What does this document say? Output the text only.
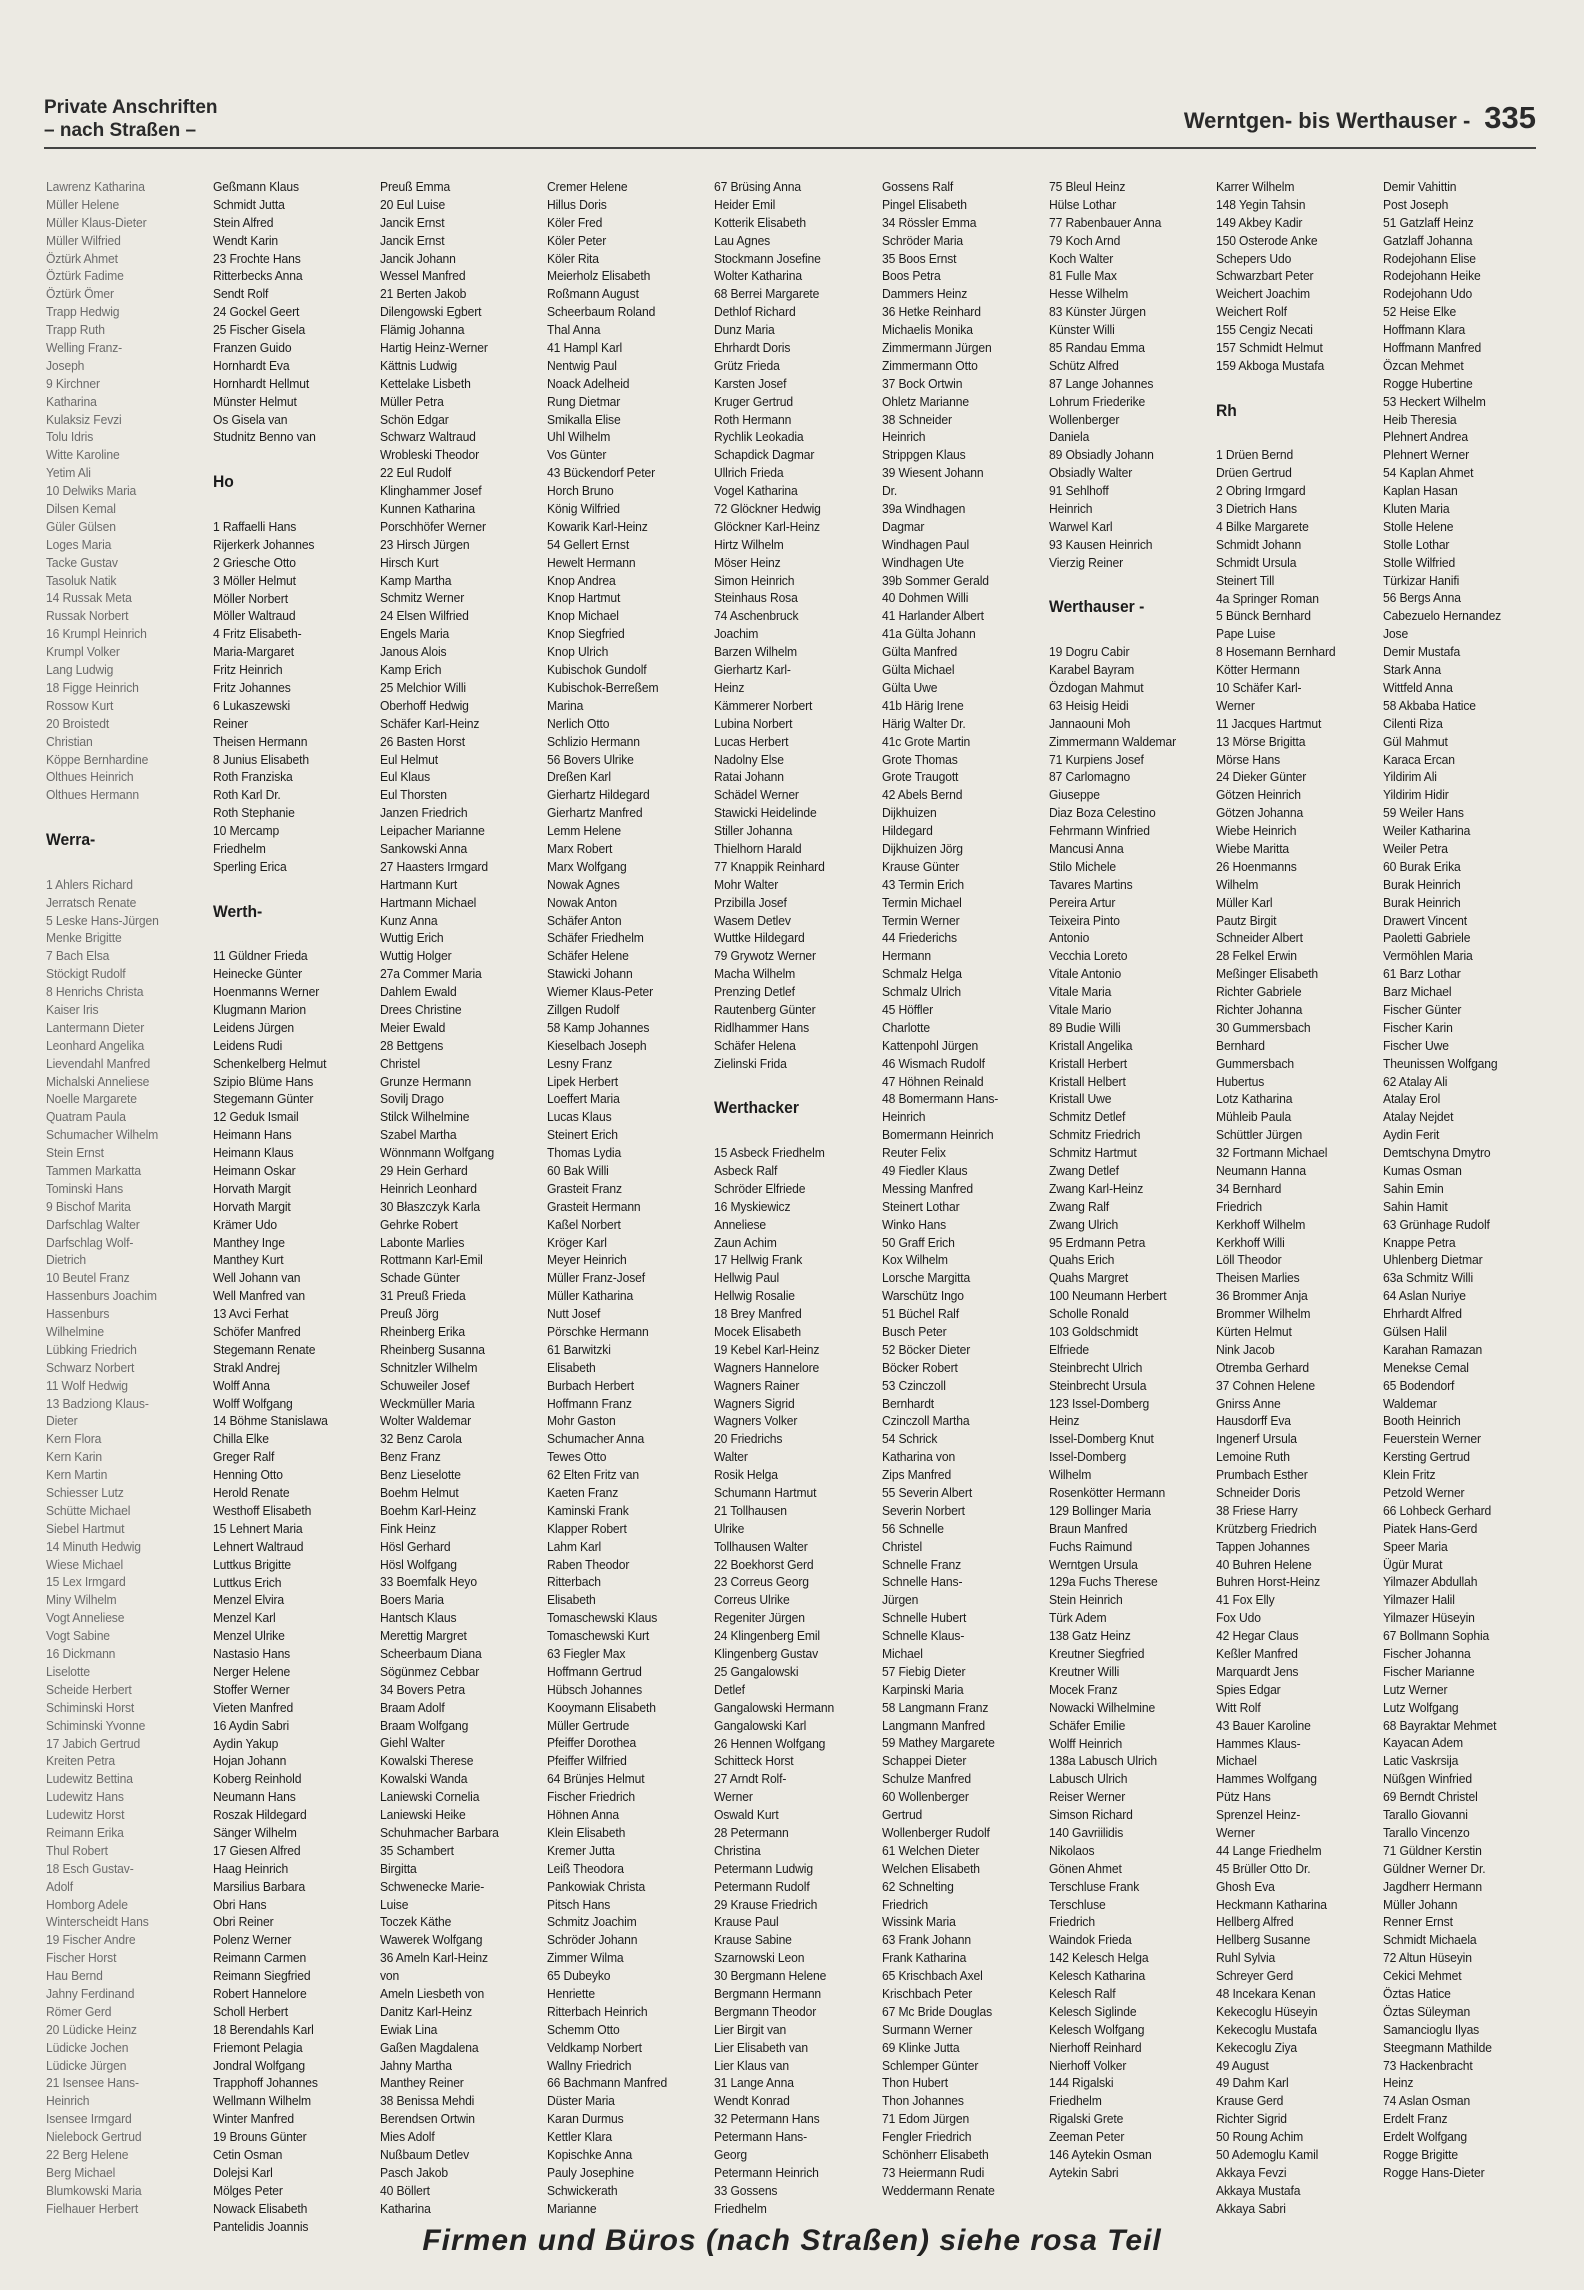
Private Anschriften
– nach Straßen –	Werntgen- bis Werthauser - 335
Lawrenz Katharina
Müller Helene
Müller Klaus-Dieter
Müller Wilfried
Öztürk Ahmet
Öztürk Fadime
Öztürk Ömer
Trapp Hedwig
Trapp Ruth
Welling Franz-
Joseph
9 Kirchner
Katharina
Kulaksiz Fevzi
Tolu Idris
Witte Karoline
Yetim Ali
10 Delwiks Maria
Dilsen Kemal
Güler Gülsen
Loges Maria
Tacke Gustav
Tasoluk Natik
14 Russak Meta
Russak Norbert
16 Krumpl Heinrich
Krumpl Volker
Lang Ludwig
18 Figge Heinrich
Rossow Kurt
20 Broistedt
Christian
Köppe Bernhardine
Olthues Heinrich
Olthues Hermann
Werra-
1 Ahlers Richard
Jerratsch Renate
5 Leske Hans-Jürgen
Menke Brigitte
7 Bach Elsa
Stöckigt Rudolf
8 Henrichs Christa
Kaiser Iris
Lantermann Dieter
Leonhard Angelika
Lievendahl Manfred
Michalski Anneliese
Noelle Margarete
Quatram Paula
Schumacher Wilhelm
Stein Ernst
Tammen Markatta
Tominski Hans
9 Bischof Marita
Darfschlag Walter
Darfschlag Wolf-
Dietrich
10 Beutel Franz
Hassenburs Joachim
Hassenburs
Wilhelmine
Lübking Friedrich
Schwarz Norbert
11 Wolf Hedwig
13 Badziong Klaus-
Dieter
Kern Flora
Kern Karin
Kern Martin
Schiesser Lutz
Schütte Michael
Siebel Hartmut
14 Minuth Hedwig
Wiese Michael
15 Lex Irmgard
Miny Wilhelm
Vogt Anneliese
Vogt Sabine
16 Dickmann
Liselotte
Scheide Herbert
Schiminski Horst
Schiminski Yvonne
17 Jabich Gertrud
Kreiten Petra
Ludewitz Bettina
Ludewitz Hans
Ludewitz Horst
Reimann Erika
Thul Robert
18 Esch Gustav-
Adolf
Homborg Adele
Winterscheidt Hans
19 Fischer Andre
Fischer Horst
Hau Bernd
Jahny Ferdinand
Römer Gerd
20 Lüdicke Heinz
Lüdicke Jochen
Lüdicke Jürgen
21 Isensee Hans-
Heinrich
Isensee Irmgard
Nielebock Gertrud
22 Berg Helene
Berg Michael
Blumkowski Maria
Fielhauer Herbert
Geßmann Klaus
Schmidt Jutta
Stein Alfred
Wendt Karin
23 Frochte Hans
Ritterbecks Anna
Sendt Rolf
24 Gockel Geert
25 Fischer Gisela
Franzen Guido
Hornhardt Eva
Hornhardt Hellmut
Münster Helmut
Os Gisela van
Studnitz Benno van
Ho
1 Raffaelli Hans
Rijerkerk Johannes
2 Griesche Otto
3 Möller Helmut
Möller Norbert
Möller Waltraud
4 Fritz Elisabeth-
Maria-Margaret
Fritz Heinrich
Fritz Johannes
6 Lukaszewski
Reiner
Theisen Hermann
8 Junius Elisabeth
Roth Franziska
Roth Karl Dr.
Roth Stephanie
10 Mercamp
Friedhelm
Sperling Erica
Werth-
11 Güldner Frieda
Heinecke Günter
Hoenmanns Werner
Klugmann Marion
Leidens Jürgen
Leidens Rudi
Schenkelberg Helmut
Szipio Blüme Hans
Stegemann Günter
12 Geduk Ismail
Heimann Hans
Heimann Klaus
Heimann Oskar
Horvath Margit
Horvath Margit
Krämer Udo
Manthey Inge
Manthey Kurt
Well Johann van
Well Manfred van
13 Avci Ferhat
Schöfer Manfred
Stegemann Renate
Strakl Andrej
Wolff Anna
Wolff Wolfgang
14 Böhme Stanislawa
Chilla Elke
Greger Ralf
Henning Otto
Herold Renate
Westhoff Elisabeth
15 Lehnert Maria
Lehnert Waltraud
Luttkus Brigitte
Luttkus Erich
Menzel Elvira
Menzel Karl
Menzel Ulrike
Nastasio Hans
Nerger Helene
Stoffer Werner
Vieten Manfred
16 Aydin Sabri
Aydin Yakup
Hojan Johann
Koberg Reinhold
Neumann Hans
Roszak Hildegard
Sänger Wilhelm
17 Giesen Alfred
Haag Heinrich
Marsilius Barbara
Obri Hans
Obri Reiner
Polenz Werner
Reimann Carmen
Reimann Siegfried
Robert Hannelore
Scholl Herbert
18 Berendahls Karl
Friemont Pelagia
Jondral Wolfgang
Trapphoff Johannes
Wellmann Wilhelm
Winter Manfred
19 Brouns Günter
Cetin Osman
Dolejsi Karl
Mölges Peter
Nowack Elisabeth
Pantelidis Joannis
Preuß Emma
20 Eul Luise
Jancik Ernst
Jancik Ernst
Jancik Johann
Wessel Manfred
21 Berten Jakob
Dilengowski Egbert
Flämig Johanna
Hartig Heinz-Werner
Kättnis Ludwig
Kettelake Lisbeth
Müller Petra
Schön Edgar
Schwarz Waltraud
Wrobleski Theodor
22 Eul Rudolf
Klinghammer Josef
Kunnen Katharina
Porschhöfer Werner
23 Hirsch Jürgen
Hirsch Kurt
Kamp Martha
Schmitz Werner
24 Elsen Wilfried
Engels Maria
Janous Alois
Kamp Erich
25 Melchior Willi
Oberhoff Hedwig
Schäfer Karl-Heinz
26 Basten Horst
Eul Helmut
Eul Klaus
Eul Thorsten
Janzen Friedrich
Leipacher Marianne
Sankowski Anna
27 Haasters Irmgard
Hartmann Kurt
Hartmann Michael
Kunz Anna
Wuttig Erich
Wuttig Holger
27a Commer Maria
Dahlem Ewald
Drees Christine
Meier Ewald
28 Bettgens
Christel
Grunze Hermann
Sovilj Drago
Stilck Wilhelmine
Szabel Martha
Wönnmann Wolfgang
29 Hein Gerhard
Heinrich Leonhard
30 Błaszczyk Karla
Gehrke Robert
Labonte Marlies
Rottmann Karl-Emil
Schade Günter
31 Preuß Frieda
Preuß Jörg
Rheinberg Erika
Rheinberg Susanna
Schnitzler Wilhelm
Schuweiler Josef
Weckmüller Maria
Wolter Waldemar
32 Benz Carola
Benz Franz
Benz Lieselotte
Boehm Helmut
Boehm Karl-Heinz
Fink Heinz
Hösl Gerhard
Hösl Wolfgang
33 Boemfalk Heyo
Boers Maria
Hantsch Klaus
Merettig Margret
Scheerbaum Diana
Sögünmez Cebbar
34 Bovers Petra
Braam Adolf
Braam Wolfgang
Giehl Walter
Kowalski Therese
Kowalski Wanda
Laniewski Cornelia
Laniewski Heike
Schuhmacher Barbara
35 Schambert
Birgitta
Schwenecke Marie-
Luise
Toczek Käthe
Wawerek Wolfgang
36 Ameln Karl-Heinz
von
Ameln Liesbeth von
Danitz Karl-Heinz
Ewiak Lina
Gaßen Magdalena
Jahny Martha
Manthey Reiner
38 Benissa Mehdi
Berendsen Ortwin
Mies Adolf
Nußbaum Detlev
Pasch Jakob
40 Böllert
Katharina
Cremer Helene
Hillus Doris
Köler Fred
Köler Peter
Köler Rita
Meierholz Elisabeth
Roßmann August
Scheerbaum Roland
Thal Anna
41 Hampl Karl
Nentwig Paul
Noack Adelheid
Rung Dietmar
Smikalla Elise
Uhl Wilhelm
Vos Günter
43 Bückendorf Peter
Horch Bruno
König Wilfried
Kowarik Karl-Heinz
54 Gellert Ernst
Hewelt Hermann
Knop Andrea
Knop Hartmut
Knop Michael
Knop Siegfried
Knop Ulrich
Kubischok Gundolf
Kubischok-Berreßem
Marina
Nerlich Otto
Schlizio Hermann
56 Bovers Ulrike
Dreßen Karl
Gierhartz Hildegard
Gierhartz Manfred
Lemm Helene
Marx Robert
Marx Wolfgang
Nowak Agnes
Nowak Anton
Schäfer Anton
Schäfer Friedhelm
Schäfer Helene
Stawicki Johann
Wiemer Klaus-Peter
Zillgen Rudolf
58 Kamp Johannes
Kieselbach Joseph
Lesny Franz
Lipek Herbert
Loeffert Maria
Lucas Klaus
Steinert Erich
Thomas Lydia
60 Bak Willi
Grasteit Franz
Grasteit Hermann
Kaßel Norbert
Kröger Karl
Meyer Heinrich
Müller Franz-Josef
Müller Katharina
Nutt Josef
Pörschke Hermann
61 Barwitzki
Elisabeth
Burbach Herbert
Hoffmann Franz
Mohr Gaston
Schumacher Anna
Tewes Otto
62 Elten Fritz van
Kaeten Franz
Kaminski Frank
Klapper Robert
Lahm Karl
Raben Theodor
Ritterbach
Elisabeth
Tomaschewski Klaus
Tomaschewski Kurt
63 Fiegler Max
Hoffmann Gertrud
Hübsch Johannes
Kooymann Elisabeth
Müller Gertrude
Pfeiffer Dorothea
Pfeiffer Wilfried
64 Brünjes Helmut
Fischer Friedrich
Höhnen Anna
Klein Elisabeth
Kremer Jutta
Leiß Theodora
Pankowiak Christa
Pitsch Hans
Schmitz Joachim
Schröder Johann
Zimmer Wilma
65 Dubeyko
Henriette
Ritterbach Heinrich
Schemm Otto
Veldkamp Norbert
Wallny Friedrich
66 Bachmann Manfred
Düster Maria
Karan Durmus
Kettler Klara
Kopischke Anna
Pauly Josephine
Schwickerath
Marianne
67 Brüsing Anna
Heider Emil
Kotterik Elisabeth
Lau Agnes
Stockmann Josefine
Wolter Katharina
68 Berrei Margarete
Dethlof Richard
Dunz Maria
Ehrhardt Doris
Grütz Frieda
Karsten Josef
Kruger Gertrud
Roth Hermann
Rychlik Leokadia
Schapdick Dagmar
Ullrich Frieda
Vogel Katharina
72 Glöckner Hedwig
Glöckner Karl-Heinz
Hirtz Wilhelm
Möser Heinz
Simon Heinrich
Steinhaus Rosa
74 Aschenbruck
Joachim
Barzen Wilhelm
Gierhartz Karl-
Heinz
Kämmerer Norbert
Lubina Norbert
Lucas Herbert
Nadolny Else
Ratai Johann
Schädel Werner
Stawicki Heidelinde
Stiller Johanna
Thielhorn Harald
77 Knappik Reinhard
Mohr Walter
Przibilla Josef
Wasem Detlev
Wuttke Hildegard
79 Grywotz Werner
Macha Wilhelm
Prenzing Detlef
Rautenberg Günter
Ridlhammer Hans
Schäfer Helena
Zielinski Frida
Werthacker
15 Asbeck Friedhelm
Asbeck Ralf
Schröder Elfriede
16 Myskiewicz
Anneliese
Zaun Achim
17 Hellwig Frank
Hellwig Paul
Hellwig Rosalie
18 Brey Manfred
Mocek Elisabeth
19 Kebel Karl-Heinz
Wagners Hannelore
Wagners Rainer
Wagners Sigrid
Wagners Volker
20 Friedrichs
Walter
Rosik Helga
Schumann Hartmut
21 Tollhausen
Ulrike
Tollhausen Walter
22 Boekhorst Gerd
23 Correus Georg
Correus Ulrike
Regeniter Jürgen
24 Klingenberg Emil
Klingenberg Gustav
25 Gangalowski
Detlef
Gangalowski Hermann
Gangalowski Karl
26 Hennen Wolfgang
Schitteck Horst
27 Arndt Rolf-
Werner
Oswald Kurt
28 Petermann
Christina
Petermann Ludwig
Petermann Rudolf
29 Krause Friedrich
Krause Paul
Krause Sabine
Szarnowski Leon
30 Bergmann Helene
Bergmann Hermann
Bergmann Theodor
Lier Birgit van
Lier Elisabeth van
Lier Klaus van
31 Lange Anna
Wendt Konrad
32 Petermann Hans
Petermann Hans-
Georg
Petermann Heinrich
33 Gossens
Friedhelm
Gossens Ralf
Pingel Elisabeth
34 Rössler Emma
Schröder Maria
35 Boos Ernst
Boos Petra
Dammers Heinz
36 Hetke Reinhard
Michaelis Monika
Zimmermann Jürgen
Zimmermann Otto
37 Bock Ortwin
Ohletz Marianne
38 Schneider
Heinrich
Strippgen Klaus
39 Wiesent Johann
Dr.
39a Windhagen
Dagmar
Windhagen Paul
Windhagen Ute
39b Sommer Gerald
40 Dohmen Willi
41 Harlander Albert
41a Gülta Johann
Gülta Manfred
Gülta Michael
Gülta Uwe
41b Härig Irene
Härig Walter Dr.
41c Grote Martin
Grote Thomas
Grote Traugott
42 Abels Bernd
Dijkhuizen
Hildegard
Dijkhuizen Jörg
Krause Günter
43 Termin Erich
Termin Michael
Termin Werner
44 Friederichs
Hermann
Schmalz Helga
Schmalz Ulrich
45 Höffler
Charlotte
Kattenpohl Jürgen
46 Wismach Rudolf
47 Höhnen Reinald
48 Bomermann Hans-
Heinrich
Bomermann Heinrich
Reuter Felix
49 Fiedler Klaus
Messing Manfred
Steinert Lothar
Winko Hans
50 Graff Erich
Kox Wilhelm
Lorsche Margitta
Warschütz Ingo
51 Büchel Ralf
Busch Peter
52 Böcker Dieter
Böcker Robert
53 Czinczoll
Bernhardt
Czinczoll Martha
54 Schrick
Katharina von
Zips Manfred
55 Severin Albert
Severin Norbert
56 Schnelle
Christel
Schnelle Franz
Schnelle Hans-
Jürgen
Schnelle Hubert
Schnelle Klaus-
Michael
57 Fiebig Dieter
Karpinski Maria
58 Langmann Franz
Langmann Manfred
59 Mathey Margarete
Schappei Dieter
Schulze Manfred
60 Wollenberger
Gertrud
Wollenberger Rudolf
61 Welchen Dieter
Welchen Elisabeth
62 Schnelting
Friedrich
Wissink Maria
63 Frank Johann
Frank Katharina
65 Krischbach Axel
Krischbach Peter
67 Mc Bride Douglas
Surmann Werner
69 Klinke Jutta
Schlemper Günter
Thon Hubert
Thon Johannes
71 Edom Jürgen
Fengler Friedrich
Schönherr Elisabeth
73 Heiermann Rudi
Weddermann Renate
75 Bleul Heinz
Hülse Lothar
77 Rabenbauer Anna
79 Koch Arnd
Koch Walter
81 Fulle Max
Hesse Wilhelm
83 Künster Jürgen
Künster Willi
85 Randau Emma
Schütz Alfred
87 Lange Johannes
Lohrum Friederike
Wollenberger
Daniela
89 Obsiadly Johann
Obsiadly Walter
91 Sehlhoff
Heinrich
Warwel Karl
93 Kausen Heinrich
Vierzig Reiner
Werthauser -
19 Dogru Cabir
Karabel Bayram
Özdogan Mahmut
63 Heisig Heidi
Jannaouni Moh
Zimmermann Waldemar
71 Kurpiens Josef
87 Carlomagno
Giuseppe
Diaz Boza Celestino
Fehrmann Winfried
Mancusi Anna
Stilo Michele
Tavares Martins
Pereira Artur
Teixeira Pinto
Antonio
Vecchia Loreto
Vitale Antonio
Vitale Maria
Vitale Mario
89 Budie Willi
Kristall Angelika
Kristall Herbert
Kristall Helbert
Kristall Uwe
Schmitz Detlef
Schmitz Friedrich
Schmitz Hartmut
Zwang Detlef
Zwang Karl-Heinz
Zwang Ralf
Zwang Ulrich
95 Erdmann Petra
Quahs Erich
Quahs Margret
100 Neumann Herbert
Scholle Ronald
103 Goldschmidt
Elfriede
Steinbrecht Ulrich
Steinbrecht Ursula
123 Issel-Domberg
Heinz
Issel-Domberg Knut
Issel-Domberg
Wilhelm
Rosenkötter Hermann
129 Bollinger Maria
Braun Manfred
Fuchs Raimund
Werntgen Ursula
129a Fuchs Therese
Stein Heinrich
Türk Adem
138 Gatz Heinz
Kreutner Siegfried
Kreutner Willi
Mocek Franz
Nowacki Wilhelmine
Schäfer Emilie
Wolff Heinrich
138a Labusch Ulrich
Labusch Ulrich
Reiser Werner
Simson Richard
140 Gavriilidis
Nikolaos
Gönen Ahmet
Terschluse Frank
Terschluse
Friedrich
Waindok Frieda
142 Kelesch Helga
Kelesch Katharina
Kelesch Ralf
Kelesch Siglinde
Kelesch Wolfgang
Nierhoff Reinhard
Nierhoff Volker
144 Rigalski
Friedhelm
Rigalski Grete
Zeeman Peter
146 Aytekin Osman
Aytekin Sabri
Karrer Wilhelm
148 Yegin Tahsin
149 Akbey Kadir
150 Osterode Anke
Schepers Udo
Schwarzbart Peter
Weichert Joachim
Weichert Rolf
155 Cengiz Necati
157 Schmidt Helmut
159 Akboga Mustafa
Rh
1 Drüen Bernd
Drüen Gertrud
2 Obring Irmgard
3 Dietrich Hans
4 Bilke Margarete
Schmidt Johann
Schmidt Ursula
Steinert Till
4a Springer Roman
5 Bünck Bernhard
Pape Luise
8 Hosemann Bernhard
Kötter Hermann
10 Schäfer Karl-
Werner
11 Jacques Hartmut
13 Mörse Brigitta
Mörse Hans
24 Dieker Günter
Götzen Heinrich
Götzen Johanna
Wiebe Heinrich
Wiebe Maritta
26 Hoenmanns
Wilhelm
Müller Karl
Pautz Birgit
Schneider Albert
28 Felkel Erwin
Meßinger Elisabeth
Richter Gabriele
Richter Johanna
30 Gummersbach
Bernhard
Gummersbach
Hubertus
Lotz Katharina
Mühleib Paula
Schüttler Jürgen
32 Fortmann Michael
Neumann Hanna
34 Bernhard
Friedrich
Kerkhoff Wilhelm
Kerkhoff Willi
Löll Theodor
Theisen Marlies
36 Brommer Anja
Brommer Wilhelm
Kürten Helmut
Nink Jacob
Otremba Gerhard
37 Cohnen Helene
Gnirss Anne
Hausdorff Eva
Ingenerf Ursula
Lemoine Ruth
Prumbach Esther
Schneider Doris
38 Friese Harry
Krützberg Friedrich
Tappen Johannes
40 Buhren Helene
Buhren Horst-Heinz
41 Fox Elly
Fox Udo
42 Hegar Claus
Keßler Manfred
Marquardt Jens
Spies Edgar
Witt Rolf
43 Bauer Karoline
Hammes Klaus-
Michael
Hammes Wolfgang
Pütz Hans
Sprenzel Heinz-
Werner
44 Lange Friedhelm
45 Brüller Otto Dr.
Ghosh Eva
Heckmann Katharina
Hellberg Alfred
Hellberg Susanne
Ruhl Sylvia
Schreyer Gerd
48 Incekara Kenan
Kekecoglu Hüseyin
Kekecoglu Mustafa
Kekecoglu Ziya
49 August
49 Dahm Karl
Krause Gerd
Richter Sigrid
50 Roung Achim
50 Ademoglu Kamil
Akkaya Fevzi
Akkaya Mustafa
Akkaya Sabri
Demir Vahittin
Post Joseph
51 Gatzlaff Heinz
Gatzlaff Johanna
Rodejohann Elise
Rodejohann Heike
Rodejohann Udo
52 Heise Elke
Hoffmann Klara
Hoffmann Manfred
Özcan Mehmet
Rogge Hubertine
53 Heckert Wilhelm
Heib Theresia
Plehnert Andrea
Plehnert Werner
54 Kaplan Ahmet
Kaplan Hasan
Kluten Maria
Stolle Helene
Stolle Lothar
Stolle Wilfried
Türkizar Hanifi
56 Bergs Anna
Cabezuelo Hernandez
Jose
Demir Mustafa
Stark Anna
Wittfeld Anna
58 Akbaba Hatice
Cilenti Riza
Gül Mahmut
Karaca Ercan
Yildirim Ali
Yildirim Hidir
59 Weiler Hans
Weiler Katharina
Weiler Petra
60 Burak Erika
Burak Heinrich
Burak Heinrich
Drawert Vincent
Paoletti Gabriele
Vermöhlen Maria
61 Barz Lothar
Barz Michael
Fischer Günter
Fischer Karin
Fischer Uwe
Theunissen Wolfgang
62 Atalay Ali
Atalay Erol
Atalay Nejdet
Aydin Ferit
Demtschyna Dmytro
Kumas Osman
Sahin Emin
Sahin Hamit
63 Grünhage Rudolf
Knappe Petra
Uhlenberg Dietmar
63a Schmitz Willi
64 Aslan Nuriye
Ehrhardt Alfred
Gülsen Halil
Karahan Ramazan
Menekse Cemal
65 Bodendorf
Waldemar
Booth Heinrich
Feuerstein Werner
Kersting Gertrud
Klein Fritz
Petzold Werner
66 Lohbeck Gerhard
Piatek Hans-Gerd
Speer Maria
Ügür Murat
Yilmazer Abdullah
Yilmazer Halil
Yilmazer Hüseyin
67 Bollmann Sophia
Fischer Johanna
Fischer Marianne
Lutz Werner
Lutz Wolfgang
68 Bayraktar Mehmet
Kayacan Adem
Latic Vaskrsija
Nüßgen Winfried
69 Berndt Christel
Tarallo Giovanni
Tarallo Vincenzo
71 Güldner Kerstin
Güldner Werner Dr.
Jagdherr Hermann
Müller Johann
Renner Ernst
Schmidt Michaela
72 Altun Hüseyin
Cekici Mehmet
Öztas Hatice
Öztas Süleyman
Samancioglu Ilyas
Steegmann Mathilde
73 Hackenbracht
Heinz
74 Aslan Osman
Erdelt Franz
Erdelt Wolfgang
Rogge Brigitte
Rogge Hans-Dieter
Firmen und Büros (nach Straßen) siehe rosa Teil
